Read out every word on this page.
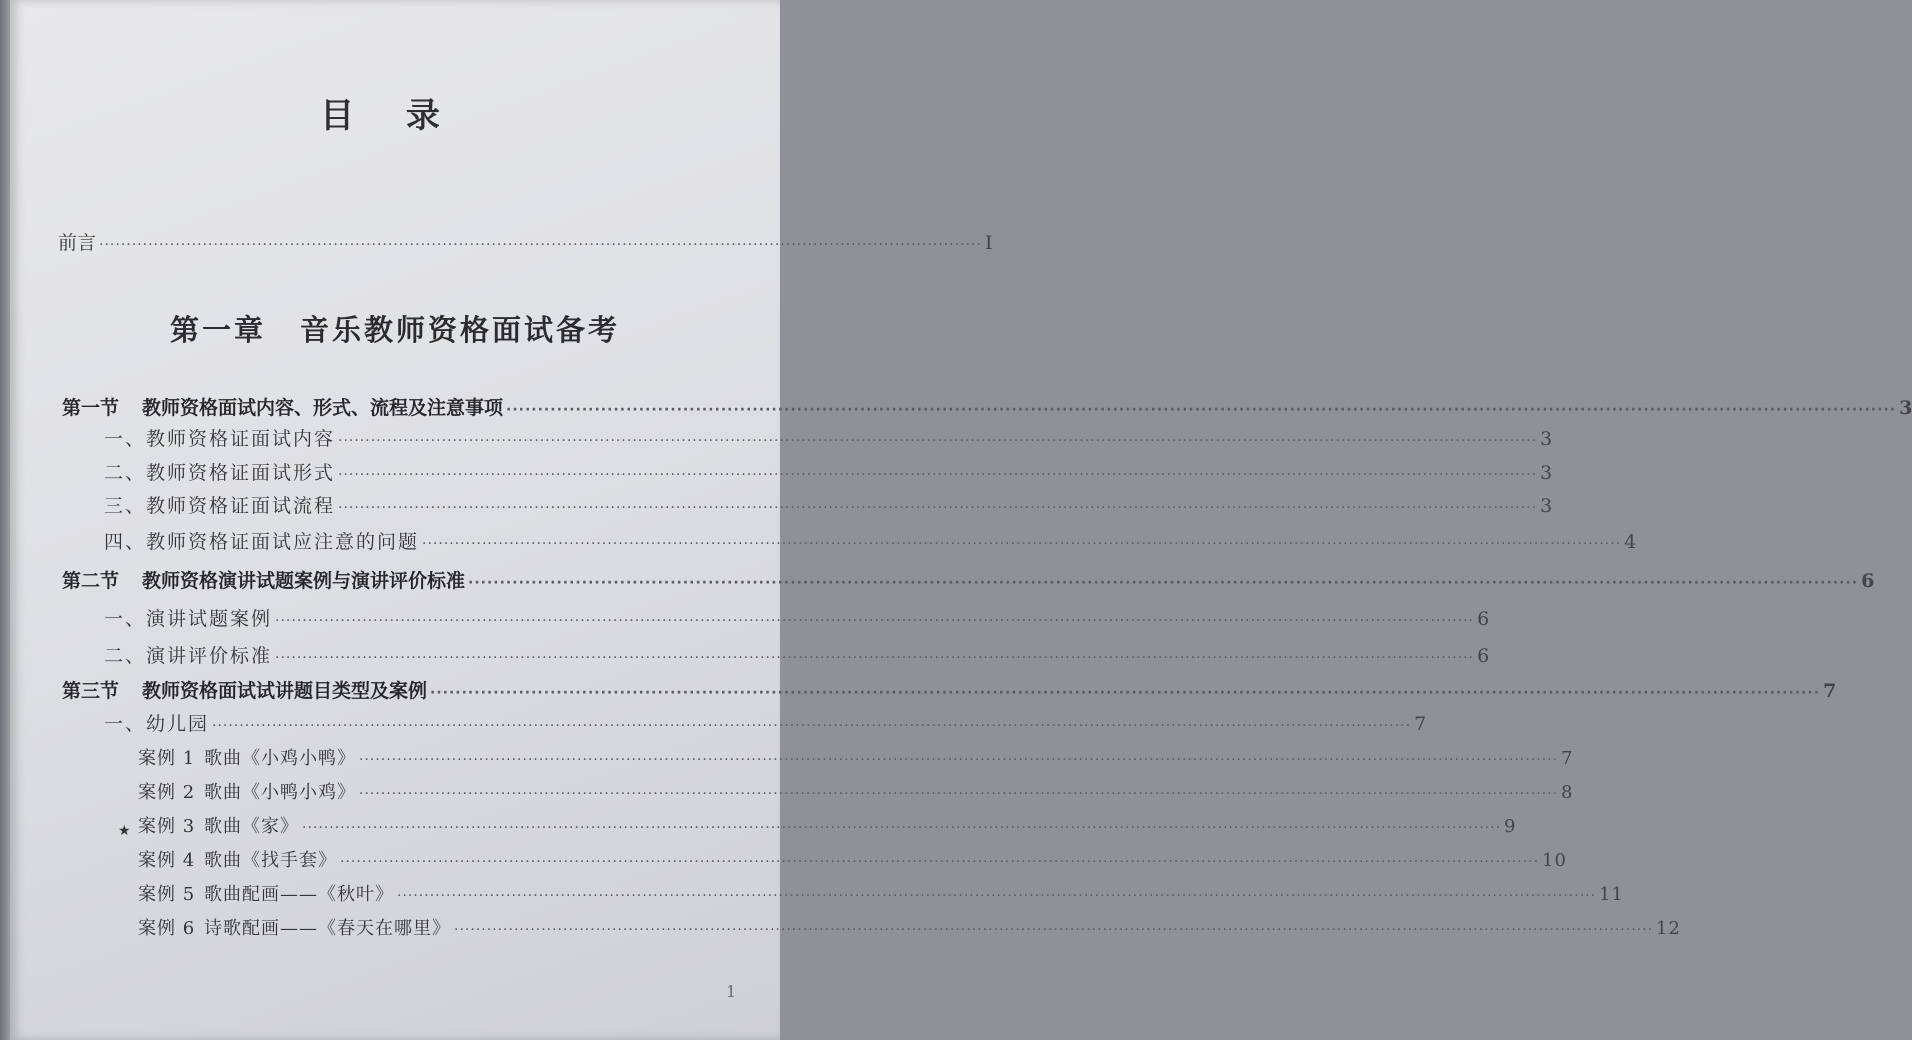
目 录
前言 ·································································································································································· I
第一章 音乐教师资格面试备考
第一节 教师资格面试内容、形式、流程及注意事项 ···························································································································································································································· 3
一、教师资格证面试内容 ···························································································································································································································· 3
二、教师资格证面试形式 ···························································································································································································································· 3
三、教师资格证面试流程 ···························································································································································································································· 3
四、教师资格证面试应注意的问题 ···························································································································································································································· 4
第二节 教师资格演讲试题案例与演讲评价标准 ···························································································································································································································· 6
一、演讲试题案例 ···························································································································································································································· 6
二、演讲评价标准 ···························································································································································································································· 6
第三节 教师资格面试试讲题目类型及案例 ···························································································································································································································· 7
一、幼儿园 ···························································································································································································································· 7
案例 1 歌曲《小鸡小鸭》 ···························································································································································································································· 7
案例 2 歌曲《小鸭小鸡》 ···························································································································································································································· 8
案例 3 歌曲《家》 ···························································································································································································································· 9
案例 4 歌曲《找手套》 ···························································································································································································································· 10
案例 5 歌曲配画——《秋叶》 ···························································································································································································································· 11
案例 6 诗歌配画——《春天在哪里》 ···························································································································································································································· 12
★
1
